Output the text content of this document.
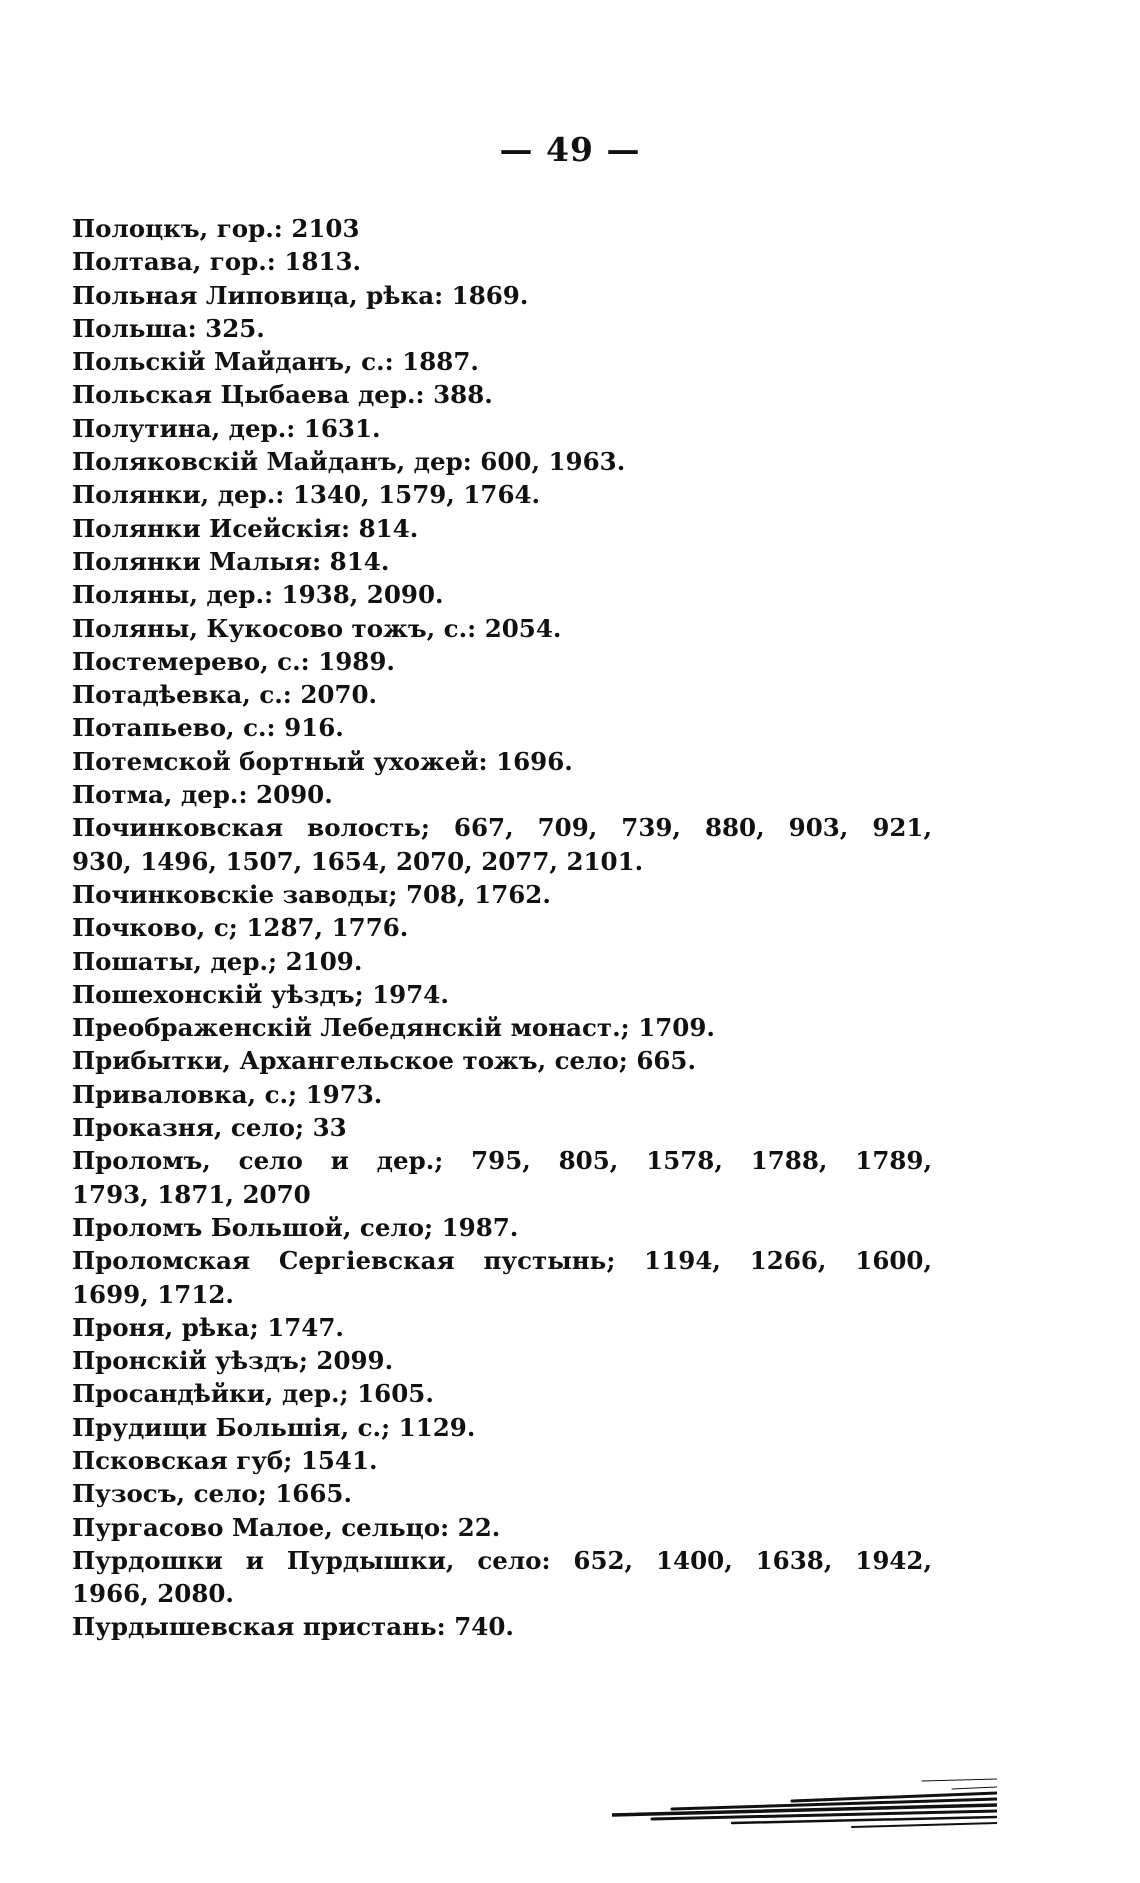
— 49 —
Полоцкъ, гор.: 2103
Полтава, гор.: 1813.
Польная Липовица, рѣка: 1869.
Польша: 325.
Польскій Майданъ, с.: 1887.
Польская Цыбаева дер.: 388.
Полутина, дер.: 1631.
Поляковскій Майданъ, дер: 600, 1963.
Полянки, дер.: 1340, 1579, 1764.
Полянки Исейскія: 814.
Полянки Малыя: 814.
Поляны, дер.: 1938, 2090.
Поляны, Кукосово тожъ, с.: 2054.
Постемерево, с.: 1989.
Потадѣевка, с.: 2070.
Потапьево, с.: 916.
Потемской бортный ухожей: 1696.
Потма, дер.: 2090.
Починковская волость; 667, 709, 739, 880, 903, 921,
930, 1496, 1507, 1654, 2070, 2077, 2101.
Починковскіе заводы; 708, 1762.
Почково, с; 1287, 1776.
Пошаты, дер.; 2109.
Пошехонскій уѣздъ; 1974.
Преображенскій Лебедянскій монаст.; 1709.
Прибытки, Архангельское тожъ, село; 665.
Приваловка, с.; 1973.
Проказня, село; 33
Проломъ, село и дер.; 795, 805, 1578, 1788, 1789,
1793, 1871, 2070
Проломъ Большой, село; 1987.
Проломская Сергіевская пустынь; 1194, 1266, 1600,
1699, 1712.
Проня, рѣка; 1747.
Пронскій уѣздъ; 2099.
Просандѣйки, дер.; 1605.
Прудищи Большія, с.; 1129.
Псковская губ; 1541.
Пузосъ, село; 1665.
Пургасово Малое, сельцо: 22.
Пурдошки и Пурдышки, село: 652, 1400, 1638, 1942,
1966, 2080.
Пурдышевская пристань: 740.
